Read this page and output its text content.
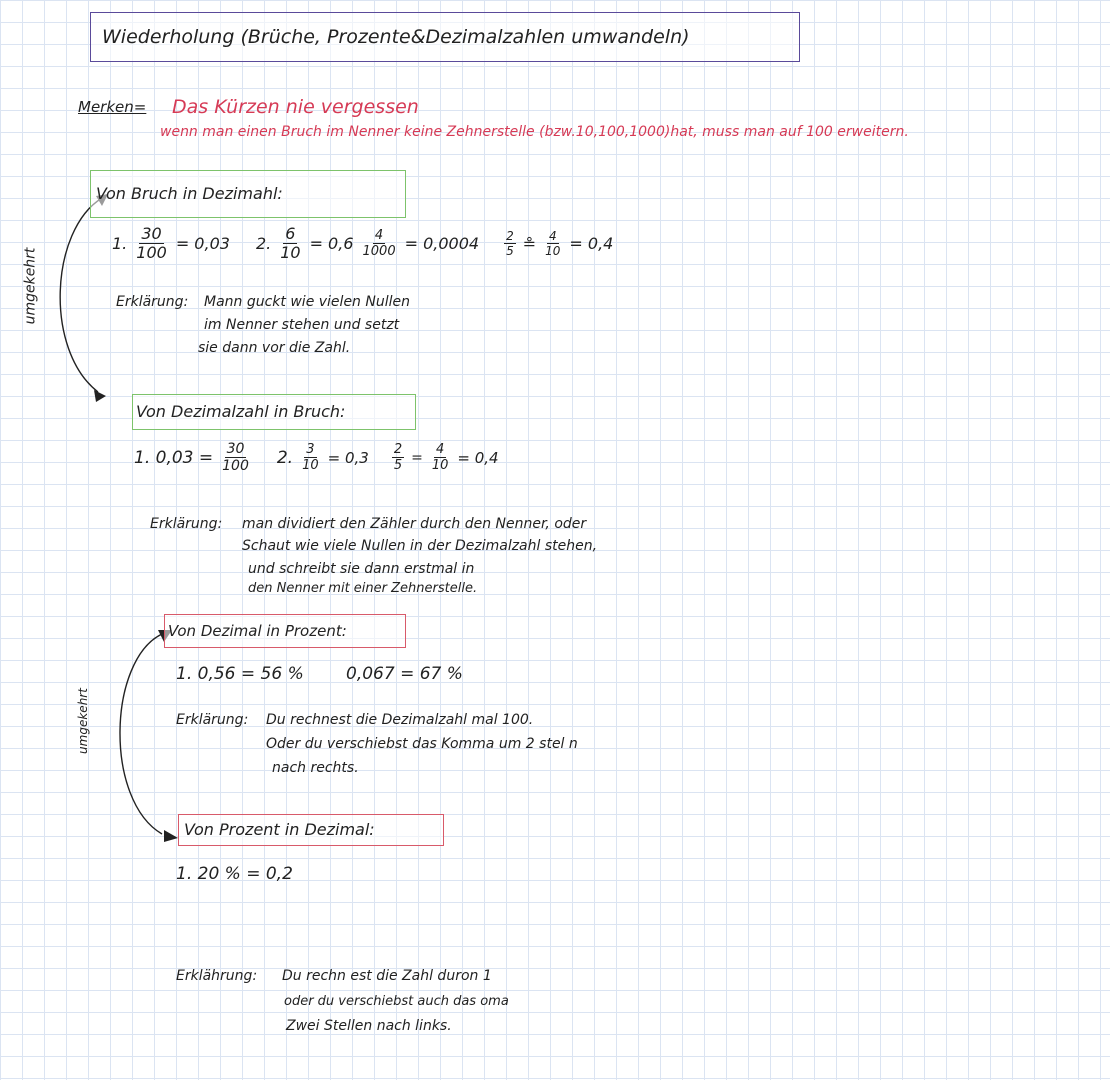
Wiederholung (Brüche, Prozente&Dezimalzahlen umwandeln)
Merken= Das Kürzen nie vergessen
wenn man einen Bruch im Nenner keine Zehnerstelle (bzw.10,100,1000)hat, muss man auf 100 erweitern.
umgekehrt
Von Bruch in Dezimahl:
1. $\frac{30}{100} = 0,03$ 2. $\frac{6}{10} = 0,6 \frac{4}{1000} = 0,0004 \frac{2}{5}$ ≗ $\frac{4}{10} = 0,4$
Erklärung: Mann guckt wie vielen Nullen
im Nenner stehen und setzt
sie dann vor die Zahl.
Von Dezimalzahl in Bruch:
1. $0,03 = \frac{30}{100} 2$. $\frac{3}{10} = 0,3 \frac{2}{5} = \frac{4}{10} = 0,4$
Erklärung: man dividiert den Zähler durch den Nenner, oder
Schaut wie viele Nullen in der Dezimalzahl stehen,
und schreibt sie dann erstmal in
den Nenner mit einer Zehnerstelle.
umgekehrt
Von Dezimal in Prozent:
1. 0,56 = 56 % 0,067 = 67 %
Erklärung: Du rechnest die Dezimalzahl mal 100.
Oder du verschiebst das Komma um 2 stel n
nach rechts.
Von Prozent in Dezimal:
1. 20 % = 0,2
Erklährung: Du rechn est die Zahl duron 1
oder du verschiebst auch das oma
Zwei Stellen nach links.
